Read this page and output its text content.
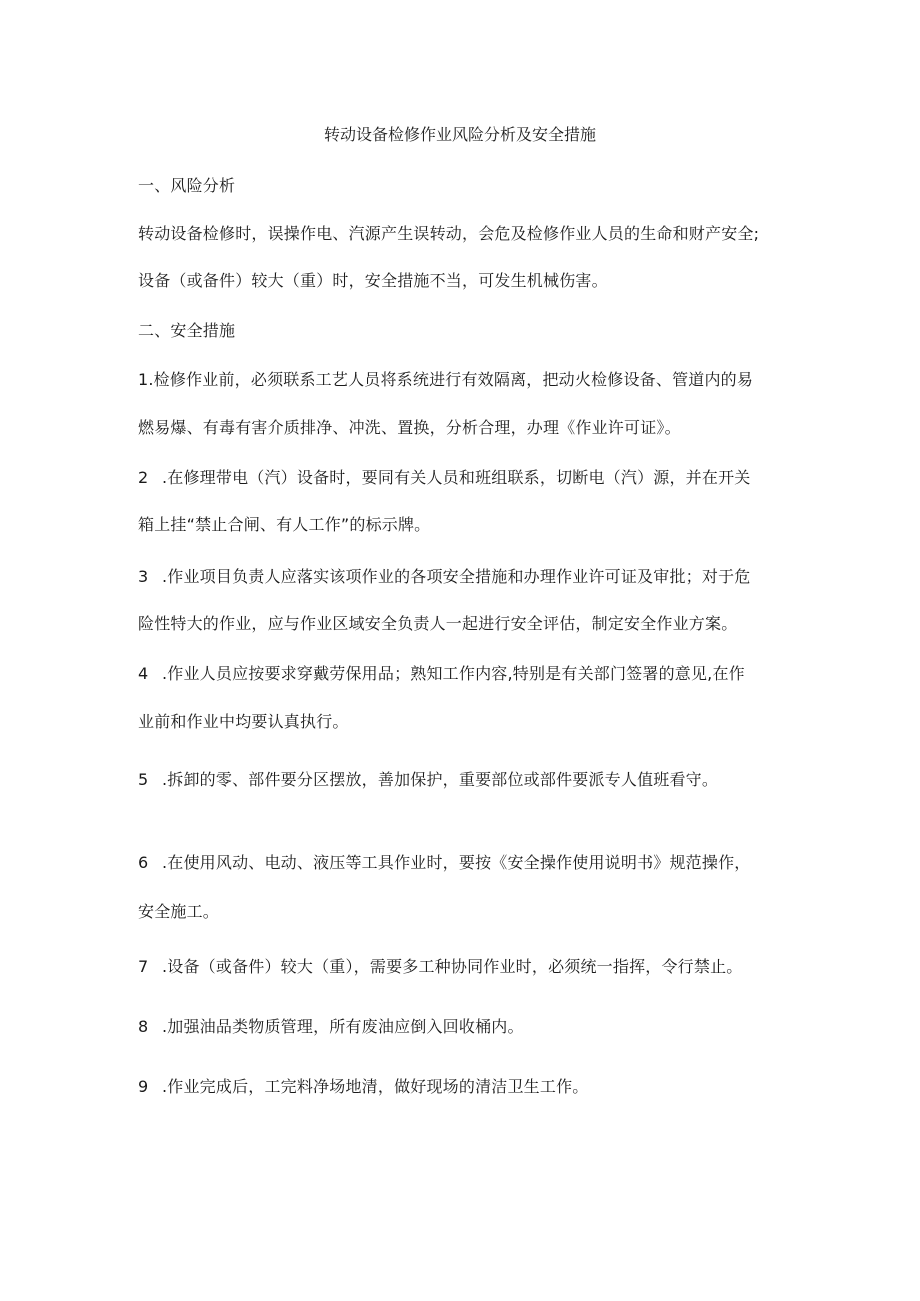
转动设备检修作业风险分析及安全措施
一、风险分析
转动设备检修时，误操作电、汽源产生误转动，会危及检修作业人员的生命和财产安全;
设备（或备件）较大（重）时，安全措施不当，可发生机械伤害。
二、安全措施
1.检修作业前，必须联系工艺人员将系统进行有效隔离，把动火检修设备、管道内的易
燃易爆、有毒有害介质排净、冲洗、置换，分析合理，办理《作业许可证》。
2 .在修理带电（汽）设备时，要同有关人员和班组联系，切断电（汽）源，并在开关
箱上挂“禁止合闸、有人工作”的标示牌。
3 .作业项目负责人应落实该项作业的各项安全措施和办理作业许可证及审批；对于危
险性特大的作业，应与作业区域安全负责人一起进行安全评估，制定安全作业方案。
4 .作业人员应按要求穿戴劳保用品；熟知工作内容,特别是有关部门签署的意见,在作
业前和作业中均要认真执行。
5 .拆卸的零、部件要分区摆放，善加保护，重要部位或部件要派专人值班看守。
6 .在使用风动、电动、液压等工具作业时，要按《安全操作使用说明书》规范操作，
安全施工。
7 .设备（或备件）较大（重），需要多工种协同作业时，必须统一指挥，令行禁止。
8 .加强油品类物质管理，所有废油应倒入回收桶内。
9 .作业完成后，工完料净场地清，做好现场的清洁卫生工作。
